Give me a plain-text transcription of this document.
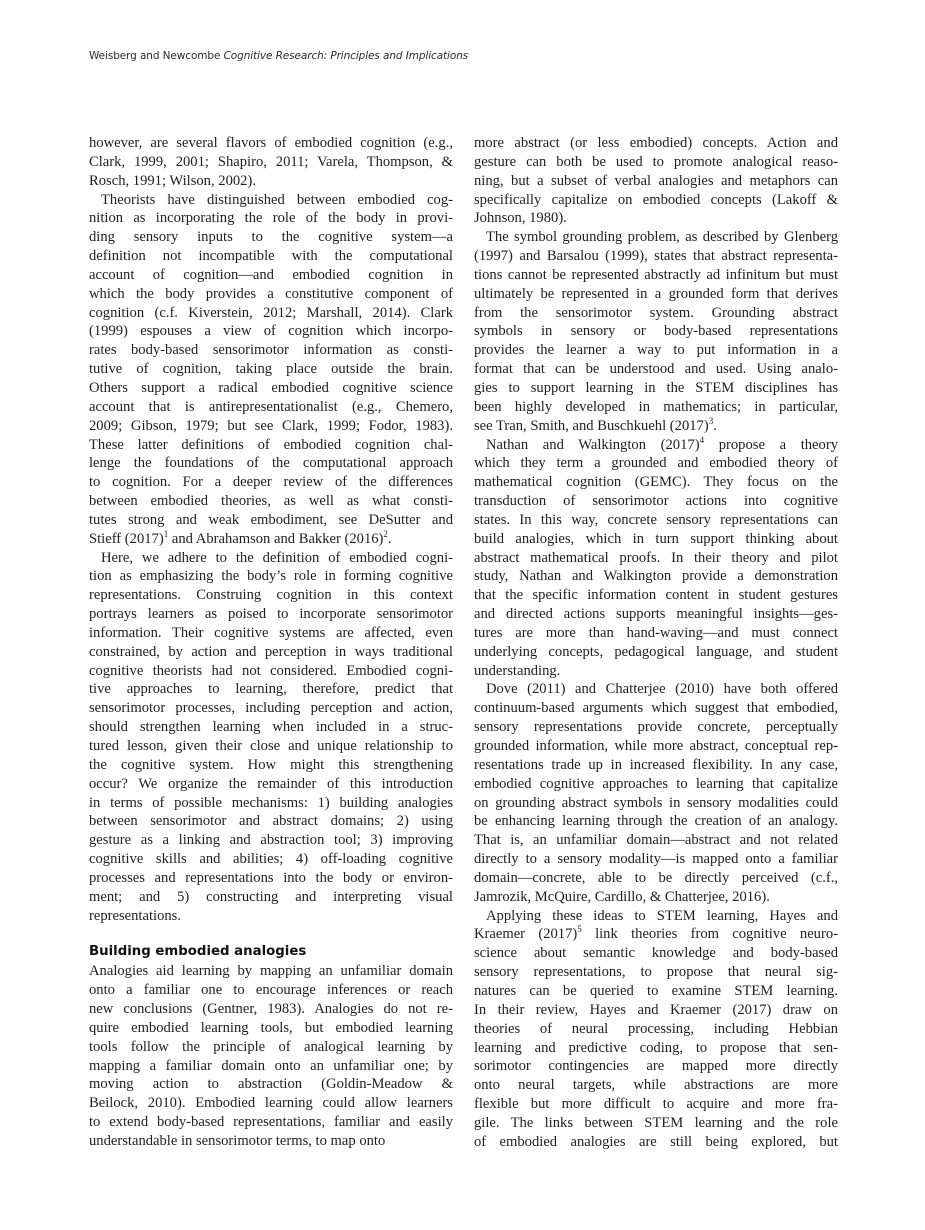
Weisberg and Newcombe Cognitive Research: Principles and Implications
however, are several flavors of embodied cognition (e.g.,
Clark, 1999, 2001; Shapiro, 2011; Varela, Thompson, &
Rosch, 1991; Wilson, 2002).
Theorists have distinguished between embodied cog-
nition as incorporating the role of the body in provi-
ding sensory inputs to the cognitive system—a
definition not incompatible with the computational
account of cognition—and embodied cognition in
which the body provides a constitutive component of
cognition (c.f. Kiverstein, 2012; Marshall, 2014). Clark
(1999) espouses a view of cognition which incorpo-
rates body-based sensorimotor information as consti-
tutive of cognition, taking place outside the brain.
Others support a radical embodied cognitive science
account that is antirepresentationalist (e.g., Chemero,
2009; Gibson, 1979; but see Clark, 1999; Fodor, 1983).
These latter definitions of embodied cognition chal-
lenge the foundations of the computational approach
to cognition. For a deeper review of the differences
between embodied theories, as well as what consti-
tutes strong and weak embodiment, see DeSutter and
Stieff $(2017)^1$ and Abrahamson and Bakker $(2016)^2$.
Here, we adhere to the definition of embodied cogni-
tion as emphasizing the body’s role in forming cognitive
representations. Construing cognition in this context
portrays learners as poised to incorporate sensorimotor
information. Their cognitive systems are affected, even
constrained, by action and perception in ways traditional
cognitive theorists had not considered. Embodied cogni-
tive approaches to learning, therefore, predict that
sensorimotor processes, including perception and action,
should strengthen learning when included in a struc-
tured lesson, given their close and unique relationship to
the cognitive system. How might this strengthening
occur? We organize the remainder of this introduction
in terms of possible mechanisms: 1) building analogies
between sensorimotor and abstract domains; 2) using
gesture as a linking and abstraction tool; 3) improving
cognitive skills and abilities; 4) off-loading cognitive
processes and representations into the body or environ-
ment; and 5) constructing and interpreting visual
representations.
Building embodied analogies
Analogies aid learning by mapping an unfamiliar domain
onto a familiar one to encourage inferences or reach
new conclusions (Gentner, 1983). Analogies do not re-
quire embodied learning tools, but embodied learning
tools follow the principle of analogical learning by
mapping a familiar domain onto an unfamiliar one; by
moving action to abstraction (Goldin-Meadow &
Beilock, 2010). Embodied learning could allow learners
to extend body-based representations, familiar and easily
understandable in sensorimotor terms, to map onto
more abstract (or less embodied) concepts. Action and
gesture can both be used to promote analogical reaso-
ning, but a subset of verbal analogies and metaphors can
specifically capitalize on embodied concepts (Lakoff &
Johnson, 1980).
The symbol grounding problem, as described by Glenberg
(1997) and Barsalou (1999), states that abstract representa-
tions cannot be represented abstractly ad infinitum but must
ultimately be represented in a grounded form that derives
from the sensorimotor system. Grounding abstract
symbols in sensory or body-based representations
provides the learner a way to put information in a
format that can be understood and used. Using analo-
gies to support learning in the STEM disciplines has
been highly developed in mathematics; in particular,
see Tran, Smith, and Buschkuehl $(2017)^3$.
Nathan and Walkington $(2017)^4$ propose a theory
which they term a grounded and embodied theory of
mathematical cognition (GEMC). They focus on the
transduction of sensorimotor actions into cognitive
states. In this way, concrete sensory representations can
build analogies, which in turn support thinking about
abstract mathematical proofs. In their theory and pilot
study, Nathan and Walkington provide a demonstration
that the specific information content in student gestures
and directed actions supports meaningful insights—ges-
tures are more than hand-waving—and must connect
underlying concepts, pedagogical language, and student
understanding.
Dove (2011) and Chatterjee (2010) have both offered
continuum-based arguments which suggest that embodied,
sensory representations provide concrete, perceptually
grounded information, while more abstract, conceptual rep-
resentations trade up in increased flexibility. In any case,
embodied cognitive approaches to learning that capitalize
on grounding abstract symbols in sensory modalities could
be enhancing learning through the creation of an analogy.
That is, an unfamiliar domain—abstract and not related
directly to a sensory modality—is mapped onto a familiar
domain—concrete, able to be directly perceived (c.f.,
Jamrozik, McQuire, Cardillo, & Chatterjee, 2016).
Applying these ideas to STEM learning, Hayes and
Kraemer $(2017)^5$ link theories from cognitive neuro-
science about semantic knowledge and body-based
sensory representations, to propose that neural sig-
natures can be queried to examine STEM learning.
In their review, Hayes and Kraemer (2017) draw on
theories of neural processing, including Hebbian
learning and predictive coding, to propose that sen-
sorimotor contingencies are mapped more directly
onto neural targets, while abstractions are more
flexible but more difficult to acquire and more fra-
gile. The links between STEM learning and the role
of embodied analogies are still being explored, but
